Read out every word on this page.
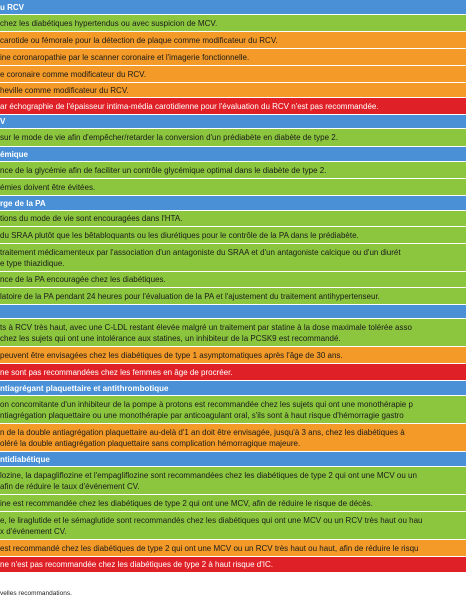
u RCV
chez les diabétiques hypertendus ou avec suspicion de MCV.
carotide ou fémorale pour la détection de plaque comme modificateur du RCV.
ine coronaropathie par le scanner coronaire et l'imagerie fonctionnelle.
e coronaire comme modificateur du RCV.
heville comme modificateur du RCV.
ar échographie de l'épaisseur intima-média carotidienne pour l'évaluation du RCV n'est pas recommandée.
V
sur le mode de vie afin d'empêcher/retarder la conversion d'un prédiabète en diabète de type 2.
émique
nce de la glycémie afin de faciliter un contrôle glycémique optimal dans le diabète de type 2.
émies doivent être évitées.
rge de la PA
tions du mode de vie sont encouragées dans l'HTA.
du SRAA plutôt que les bêtabloquants ou les diurétiques pour le contrôle de la PA dans le prédiabète.
traitement médicamenteux par l'association d'un antagoniste du SRAA et d'un antagoniste calcique ou d'un diurét
e type thiazidique.
nce de la PA encouragée chez les diabétiques.
latoire de la PA pendant 24 heures pour l'évaluation de la PA et l'ajustement du traitement antihypertenseur.
ts à RCV très haut, avec une C-LDL restant élevée malgré un traitement par statine à la dose maximale tolérée asso
chez les sujets qui ont une intolérance aux statines, un inhibiteur de la PCSK9 est recommandé.
peuvent être envisagées chez les diabétiques de type 1 asymptomatiques après l'âge de 30 ans.
ne sont pas recommandées chez les femmes en âge de procréer.
ntiagrégant plaquettaire et antithrombotique
on concomitante d'un inhibiteur de la pompe à protons est recommandée chez les sujets qui ont une monothérapie p
ntiagrégation plaquettaire ou une monothérapie par anticoagulant oral, s'ils sont à haut risque d'hémorragie gastro
n de la double antiagrégation plaquettaire au-delà d'1 an doit être envisagée, jusqu'à 3 ans, chez les diabétiques à
oléré la double antiagrégation plaquettaire sans complication hémorragique majeure.
ntidiabétique
lozine, la dapagliflozine et l'empagliflozine sont recommandées chez les diabétiques de type 2 qui ont une MCV ou un
afin de réduire le taux d'événement CV.
ine est recommandée chez les diabétiques de type 2 qui ont une MCV, afin de réduire le risque de décès.
e, le liraglutide et le sémaglutide sont recommandés chez les diabétiques qui ont une MCV ou un RCV très haut ou hau
x d'événement CV.
est recommandé chez les diabétiques de type 2 qui ont une MCV ou un RCV très haut ou haut, afin de réduire le risqu
ne n'est pas recommandée chez les diabétiques de type 2 à haut risque d'IC.
velles recommandations.
